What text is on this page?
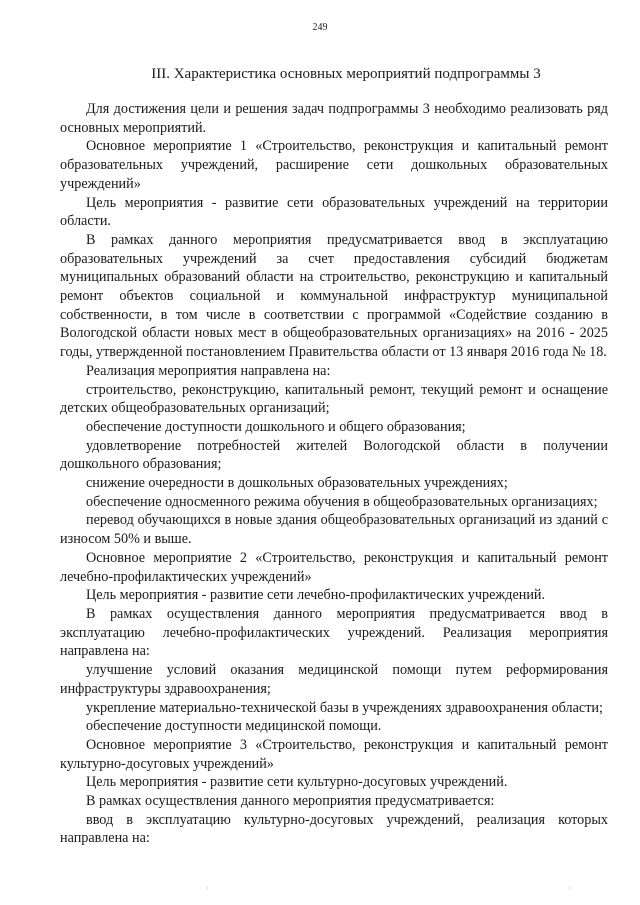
249
III. Характеристика основных мероприятий подпрограммы 3

Для достижения цели и решения задач подпрограммы 3 необходимо реализовать ряд основных мероприятий.

Основное мероприятие 1 «Строительство, реконструкция и капитальный ремонт образовательных учреждений, расширение сети дошкольных образовательных учреждений»

Цель мероприятия - развитие сети образовательных учреждений на территории области.

В рамках данного мероприятия предусматривается ввод в эксплуатацию образовательных учреждений за счет предоставления субсидий бюджетам муниципальных образований области на строительство, реконструкцию и капитальный ремонт объектов социальной и коммунальной инфраструктур муниципальной собственности, в том числе в соответствии с программой «Содействие созданию в Вологодской области новых мест в общеобразовательных организациях» на 2016 - 2025 годы, утвержденной постановлением Правительства области от 13 января 2016 года № 18.

Реализация мероприятия направлена на:

строительство, реконструкцию, капитальный ремонт, текущий ремонт и оснащение детских общеобразовательных организаций;

обеспечение доступности дошкольного и общего образования;

удовлетворение потребностей жителей Вологодской области в получении дошкольного образования;

снижение очередности в дошкольных образовательных учреждениях;

обеспечение односменного режима обучения в общеобразовательных организациях;

перевод обучающихся в новые здания общеобразовательных организаций из зданий с износом 50% и выше.

Основное мероприятие 2 «Строительство, реконструкция и капитальный ремонт лечебно-профилактических учреждений»

Цель мероприятия - развитие сети лечебно-профилактических учреждений.

В рамках осуществления данного мероприятия предусматривается ввод в эксплуатацию лечебно-профилактических учреждений. Реализация мероприятия направлена на:

улучшение условий оказания медицинской помощи путем реформирования инфраструктуры здравоохранения;

укрепление материально-технической базы в учреждениях здравоохранения области;

обеспечение доступности медицинской помощи.

Основное мероприятие 3 «Строительство, реконструкция и капитальный ремонт культурно-досуговых учреждений»

Цель мероприятия - развитие сети культурно-досуговых учреждений.

В рамках осуществления данного мероприятия предусматривается:

ввод в эксплуатацию культурно-досуговых учреждений, реализация которых направлена на:

·	·
